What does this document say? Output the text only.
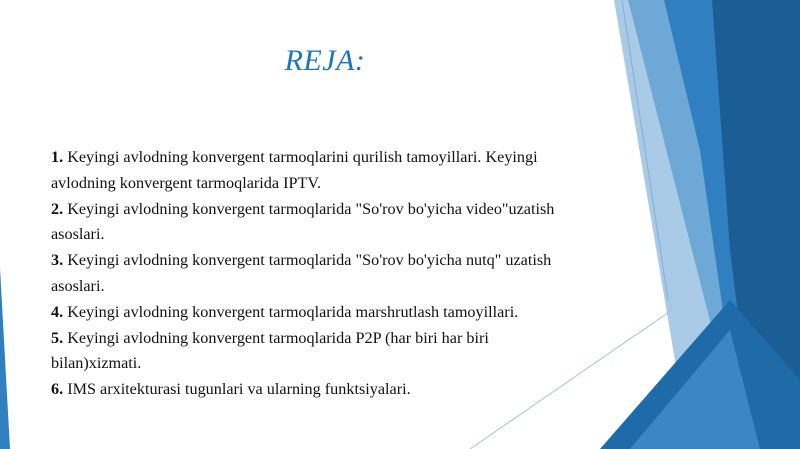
REJA:

1. Keyingi avlodning konvergent tarmoqlarini qurilish tamoyillari. Keyingi avlodning konvergent tarmoqlarida IPTV.

2. Keyingi avlodning konvergent tarmoqlarida "So'rov bo'yicha video"uzatish asoslari.

3. Keyingi avlodning konvergent tarmoqlarida "So'rov bo'yicha nutq" uzatish asoslari.

4. Keyingi avlodning konvergent tarmoqlarida marshrutlash tamoyillari.

5. Keyingi avlodning konvergent tarmoqlarida P2P (har biri har biri bilan)xizmati.

6. IMS arxitekturasi tugunlari va ularning funktsiyalari.
